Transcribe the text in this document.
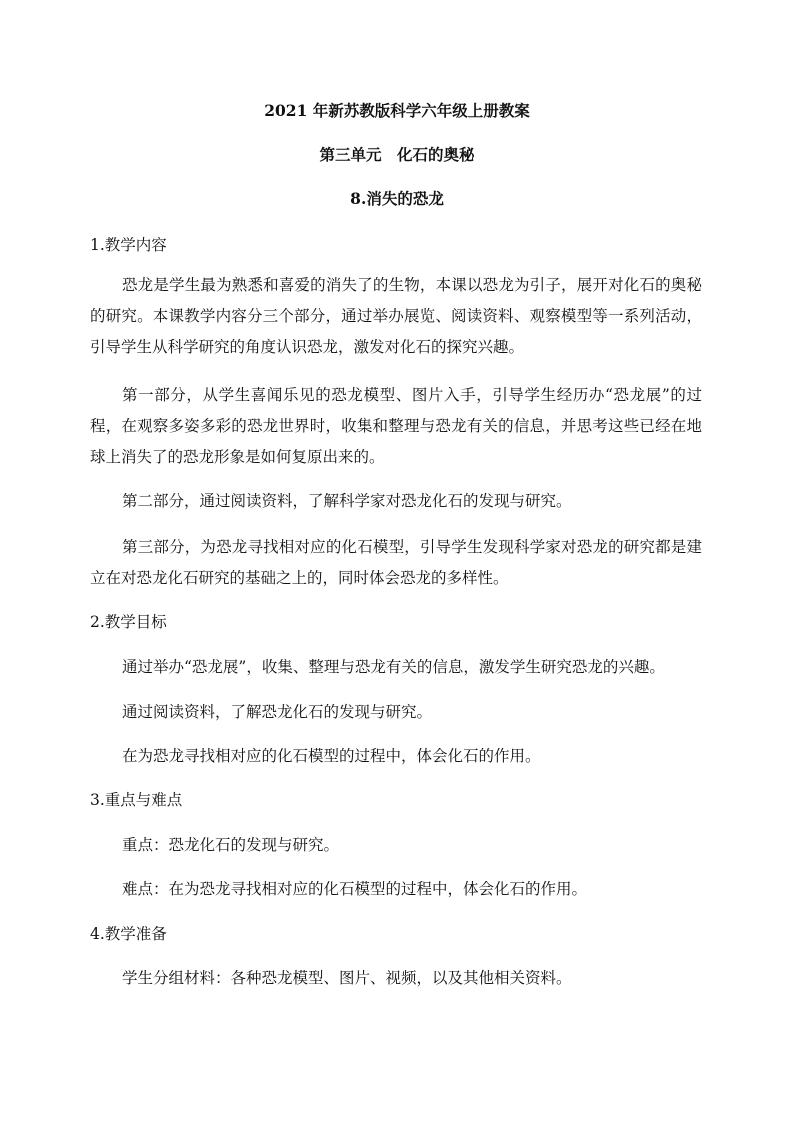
2021 年新苏教版科学六年级上册教案
第三单元　化石的奥秘
8.消失的恐龙
1.教学内容
恐龙是学生最为熟悉和喜爱的消失了的生物，本课以恐龙为引子，展开对化石的奥秘的研究。本课教学内容分三个部分，通过举办展览、阅读资料、观察模型等一系列活动，引导学生从科学研究的角度认识恐龙，激发对化石的探究兴趣。
第一部分，从学生喜闻乐见的恐龙模型、图片入手，引导学生经历办“恐龙展”的过程，在观察多姿多彩的恐龙世界时，收集和整理与恐龙有关的信息，并思考这些已经在地球上消失了的恐龙形象是如何复原出来的。
第二部分，通过阅读资料，了解科学家对恐龙化石的发现与研究。
第三部分，为恐龙寻找相对应的化石模型，引导学生发现科学家对恐龙的研究都是建立在对恐龙化石研究的基础之上的，同时体会恐龙的多样性。
2.教学目标
通过举办“恐龙展”，收集、整理与恐龙有关的信息，激发学生研究恐龙的兴趣。
通过阅读资料，了解恐龙化石的发现与研究。
在为恐龙寻找相对应的化石模型的过程中，体会化石的作用。
3.重点与难点
重点：恐龙化石的发现与研究。
难点：在为恐龙寻找相对应的化石模型的过程中，体会化石的作用。
4.教学准备
学生分组材料：各种恐龙模型、图片、视频，以及其他相关资料。
